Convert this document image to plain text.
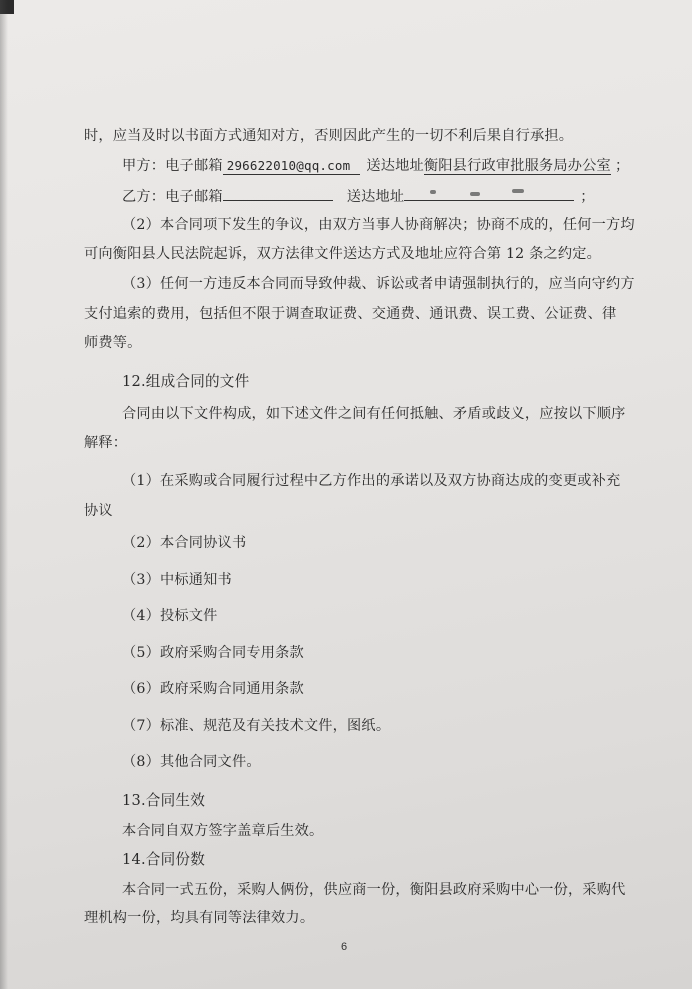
时，应当及时以书面方式通知对方，否则因此产生的一切不利后果自行承担。
甲方：电子邮箱 296622010@qq.com 送达地址衡阳县行政审批服务局办公室 ；
乙方：电子邮箱	送达地址	；
（2）本合同项下发生的争议，由双方当事人协商解决；协商不成的，任何一方均
可向衡阳县人民法院起诉，双方法律文件送达方式及地址应符合第 12 条之约定。
（3）任何一方违反本合同而导致仲裁、诉讼或者申请强制执行的，应当向守约方
支付追索的费用，包括但不限于调查取证费、交通费、通讯费、误工费、公证费、律
师费等。
12.组成合同的文件
合同由以下文件构成，如下述文件之间有任何抵触、矛盾或歧义，应按以下顺序
解释：
（1）在采购或合同履行过程中乙方作出的承诺以及双方协商达成的变更或补充
协议
（2）本合同协议书
（3）中标通知书
（4）投标文件
（5）政府采购合同专用条款
（6）政府采购合同通用条款
（7）标准、规范及有关技术文件，图纸。
（8）其他合同文件。
13.合同生效
本合同自双方签字盖章后生效。
14.合同份数
本合同一式五份，采购人俩份，供应商一份，衡阳县政府采购中心一份，采购代
理机构一份，均具有同等法律效力。
6
